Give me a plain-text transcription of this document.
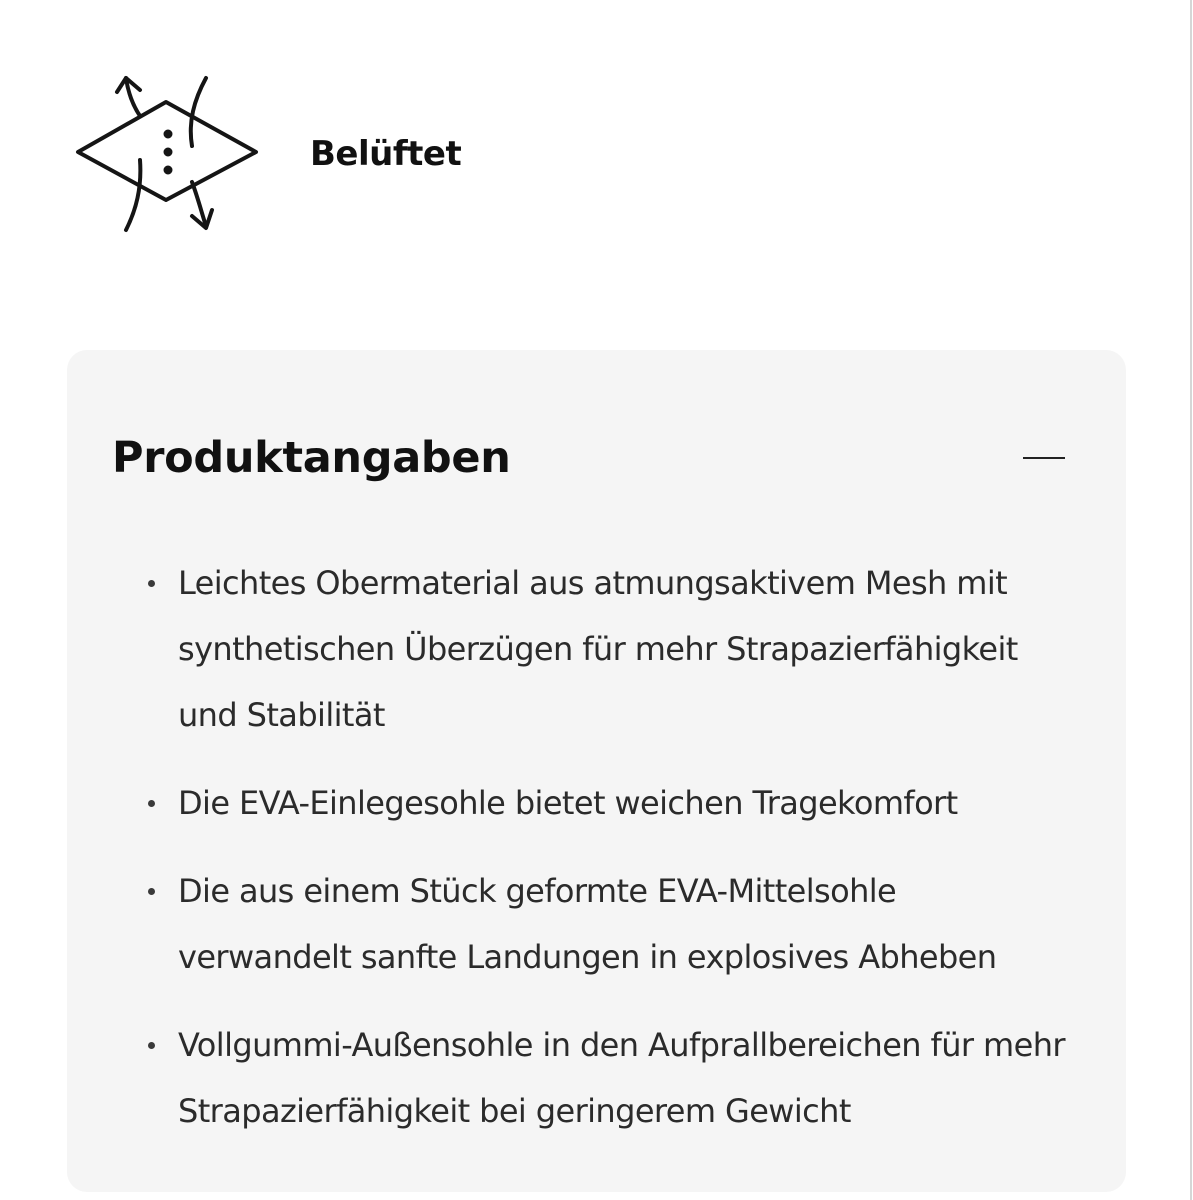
Belüftet
Produktangaben
Leichtes Obermaterial aus atmungsaktivem Mesh mit synthetischen Überzügen für mehr Strapazierfähigkeit und Stabilität
Die EVA-Einlegesohle bietet weichen Tragekomfort
Die aus einem Stück geformte EVA-Mittelsohle verwandelt sanfte Landungen in explosives Abheben
Vollgummi-Außensohle in den Aufprallbereichen für mehr Strapazierfähigkeit bei geringerem Gewicht
